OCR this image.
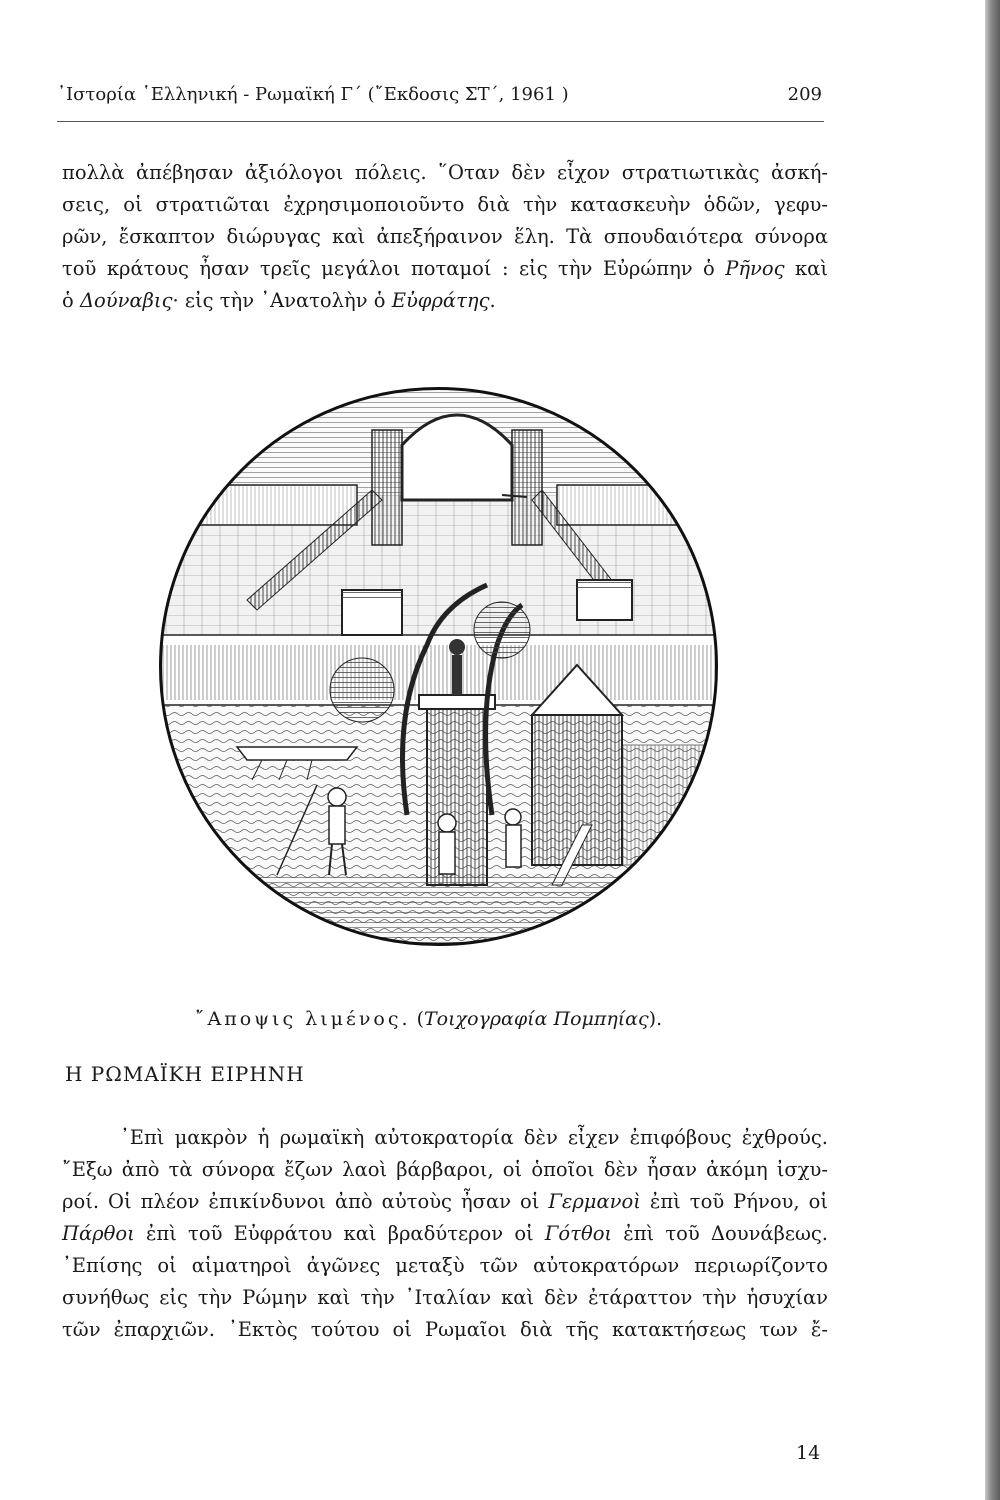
᾿Ιστορία ῾Ελληνική - Ρωμαϊκή Γ΄ (῎Εκδοσις ΣΤ΄, 1961 )	209
πολλὰ ἀπέβησαν ἀξιόλογοι πόλεις. ῞Οταν δὲν εἶχον στρατιωτικὰς ἀσκή-
σεις, οἱ στρατιῶται ἐχρησιμοποιοῦντο διὰ τὴν κατασκευὴν ὁδῶν, γεφυ-
ρῶν, ἔσκαπτον διώρυγας καὶ ἀπεξήραινον ἕλη. Τὰ σπουδαιότερα σύνορα
τοῦ κράτους ἦσαν τρεῖς μεγάλοι ποταμοί : εἰς τὴν Εὐρώπην ὁ Ρῆνος καὶ
ὁ Δούναβις· εἰς τὴν ᾿Ανατολὴν ὁ Εὐφράτης.
῎Αποψις λιμένος. (Τοιχογραφία Πομπηίας).
Η ΡΩΜΑΪΚΗ ΕΙΡΗΝΗ
᾿Επὶ μακρὸν ἡ ρωμαϊκὴ αὐτοκρατορία δὲν εἶχεν ἐπιφόβους ἐχθρούς.
῎Εξω ἀπὸ τὰ σύνορα ἔζων λαοὶ βάρβαροι, οἱ ὁποῖοι δὲν ἦσαν ἀκόμη ἰσχυ-
ροί. Οἱ πλέον ἐπικίνδυνοι ἀπὸ αὐτοὺς ἦσαν οἱ Γερμανοὶ ἐπὶ τοῦ Ρήνου, οἱ
Πάρθοι ἐπὶ τοῦ Εὐφράτου καὶ βραδύτερον οἱ Γότθοι ἐπὶ τοῦ Δουνάβεως.
᾿Επίσης οἱ αἱματηροὶ ἀγῶνες μεταξὺ τῶν αὐτοκρατόρων περιωρίζοντο
συνήθως εἰς τὴν Ρώμην καὶ τὴν ᾿Ιταλίαν καὶ δὲν ἐτάραττον τὴν ἡσυχίαν
τῶν ἐπαρχιῶν. ᾿Εκτὸς τούτου οἱ Ρωμαῖοι διὰ τῆς κατακτήσεως των ἔ-
14
